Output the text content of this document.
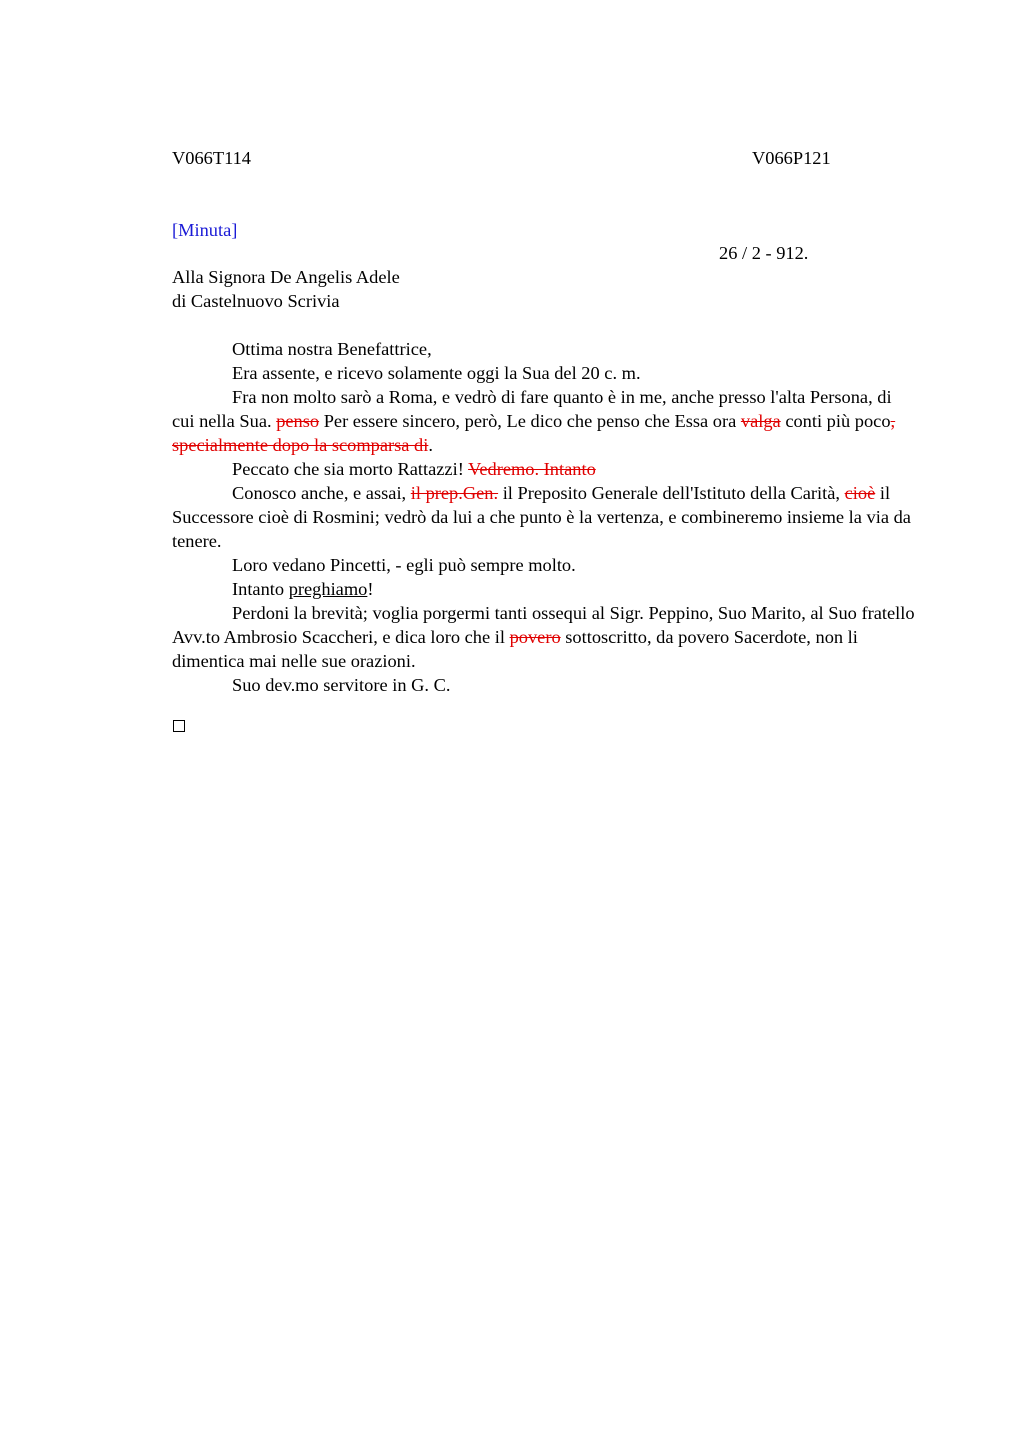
V066T114	V066P121
[Minuta]
26 / 2 - 912.
Alla Signora De Angelis Adele
di Castelnuovo Scrivia

Ottima nostra Benefattrice,

Era assente, e ricevo solamente oggi la Sua del 20 c. m.

Fra non molto sarò a Roma, e vedrò di fare quanto è in me, anche presso l'alta Persona, di cui nella Sua. penso Per essere sincero, però, Le dico che penso che Essa ora valga conti più poco, specialmente dopo la scomparsa di.

Peccato che sia morto Rattazzi! Vedremo. Intanto

Conosco anche, e assai, il prep.Gen. il Preposito Generale dell'Istituto della Carità, cioè il Successore cioè di Rosmini; vedrò da lui a che punto è la vertenza, e combineremo insieme la via da tenere.

Loro vedano Pincetti, - egli può sempre molto.

Intanto preghiamo!

Perdoni la brevità; voglia porgermi tanti ossequi al Sigr. Peppino, Suo Marito, al Suo fratello Avv.to Ambrosio Scaccheri, e dica loro che il povero sottoscritto, da povero Sacerdote, non li dimentica mai nelle sue orazioni.

Suo dev.mo servitore in G. C.
